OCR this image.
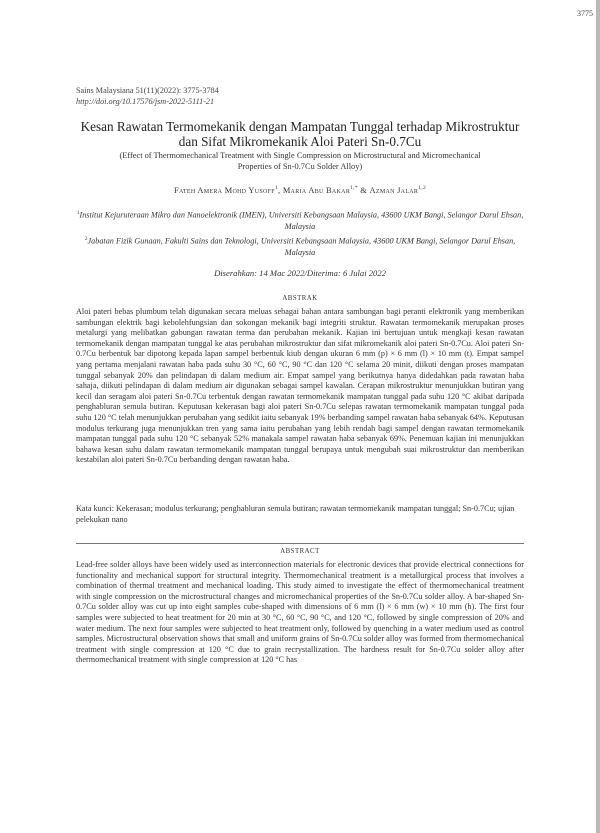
3775
Sains Malaysiana 51(11)(2022): 3775-3784
http://doi.org/10.17576/jsm-2022-5111-21
Kesan Rawatan Termomekanik dengan Mampatan Tunggal terhadap Mikrostruktur
dan Sifat Mikromekanik Aloi Pateri Sn-0.7Cu
(Effect of Thermomechanical Treatment with Single Compression on Microstructural and Micromechanical
Properties of Sn-0.7Cu Solder Alloy)
Fateh Amera Mohd Yusoff$^1$, Maria Abu Bakar$^{1,*}$ & Azman Jalar$^{1,2}$

$^1$Institut Kejuruteraan Mikro dan Nanoelektronik (IMEN), Universiti Kebangsaan Malaysia, 43600 UKM Bangi, Selangor Darul Ehsan, Malaysia

$^2$Jabatan Fizik Gunaan, Fakulti Sains dan Teknologi, Universiti Kebangsaan Malaysia, 43600 UKM Bangi, Selangor Darul Ehsan, Malaysia

Diserahkan: 14 Mac 2022/Diterima: 6 Julai 2022
ABSTRAK

Aloi pateri bebas plumbum telah digunakan secara meluas sebagai bahan antara sambungan bagi peranti elektronik yang memberikan sambungan elektrik bagi kebolehfungsian dan sokongan mekanik bagi integriti struktur. Rawatan termomekanik merupakan proses metalurgi yang melibatkan gabungan rawatan terma dan perubahan mekanik. Kajian ini bertujuan untuk mengkaji kesan rawatan termomekanik dengan mampatan tunggal ke atas perubahan mikrostruktur dan sifat mikromekanik aloi pateri Sn-0.7Cu. Aloi pateri Sn-0.7Cu berbentuk bar dipotong kepada lapan sampel berbentuk kiub dengan ukuran 6 mm (p) × 6 mm (l) × 10 mm (t). Empat sampel yang pertama menjalani rawatan haba pada suhu 30 °C, 60 °C, 90 °C dan 120 °C selama 20 minit, diikuti dengan proses mampatan tunggal sebanyak 20% dan pelindapan di dalam medium air. Empat sampel yang berikutnya hanya didedahkan pada rawatan haba sahaja, diikuti pelindapan di dalam medium air digunakan sebagai sampel kawalan. Cerapan mikrostruktur menunjukkan butiran yang kecil dan seragam aloi pateri Sn-0.7Cu terbentuk dengan rawatan termomekanik mampatan tunggal pada suhu 120 °C akibat daripada penghabluran semula butiran. Keputusan kekerasan bagi aloi pateri Sn-0.7Cu selepas rawatan termomekanik mampatan tunggal pada suhu 120 °C telah menunjukkan perubahan yang sedikit iaitu sebanyak 19% berbanding sampel rawatan haba sebanyak 64%. Keputusan modulus terkurang juga menunjukkan tren yang sama iaitu perubahan yang lebih rendah bagi sampel dengan rawatan termomekanik mampatan tunggal pada suhu 120 °C sebanyak 52% manakala sampel rawatan haba sebanyak 69%. Penemuan kajian ini menunjukkan bahawa kesan suhu dalam rawatan termomekanik mampatan tunggal berupaya untuk mengubah suai mikrostruktur dan memberikan kestabilan aloi pateri Sn-0.7Cu berbanding dengan rawatan haba.

Kata kunci: Kekerasan; modulus terkurang; penghabluran semula butiran; rawatan termomekanik mampatan tunggal; Sn-0.7Cu; ujian pelekukan nano
ABSTRACT

Lead-free solder alloys have been widely used as interconnection materials for electronic devices that provide electrical connections for functionality and mechanical support for structural integrity. Thermomechanical treatment is a metallurgical process that involves a combination of thermal treatment and mechanical loading. This study aimed to investigate the effect of thermomechanical treatment with single compression on the microstructural changes and micromechanical properties of the Sn-0.7Cu solder alloy. A bar-shaped Sn-0.7Cu solder alloy was cut up into eight samples cube-shaped with dimensions of 6 mm (l) × 6 mm (w) × 10 mm (h). The first four samples were subjected to heat treatment for 20 min at 30 °C, 60 °C, 90 °C, and 120 °C, followed by single compression of 20% and water medium. The next four samples were subjected to heat treatment only, followed by quenching in a water medium used as control samples. Microstructural observation shows that small and uniform grains of Sn-0.7Cu solder alloy was formed from thermomechanical treatment with single compression at 120 °C due to grain recrystallization. The hardness result for Sn-0.7Cu solder alloy after thermomechanical treatment with single compression at 120 °C has
